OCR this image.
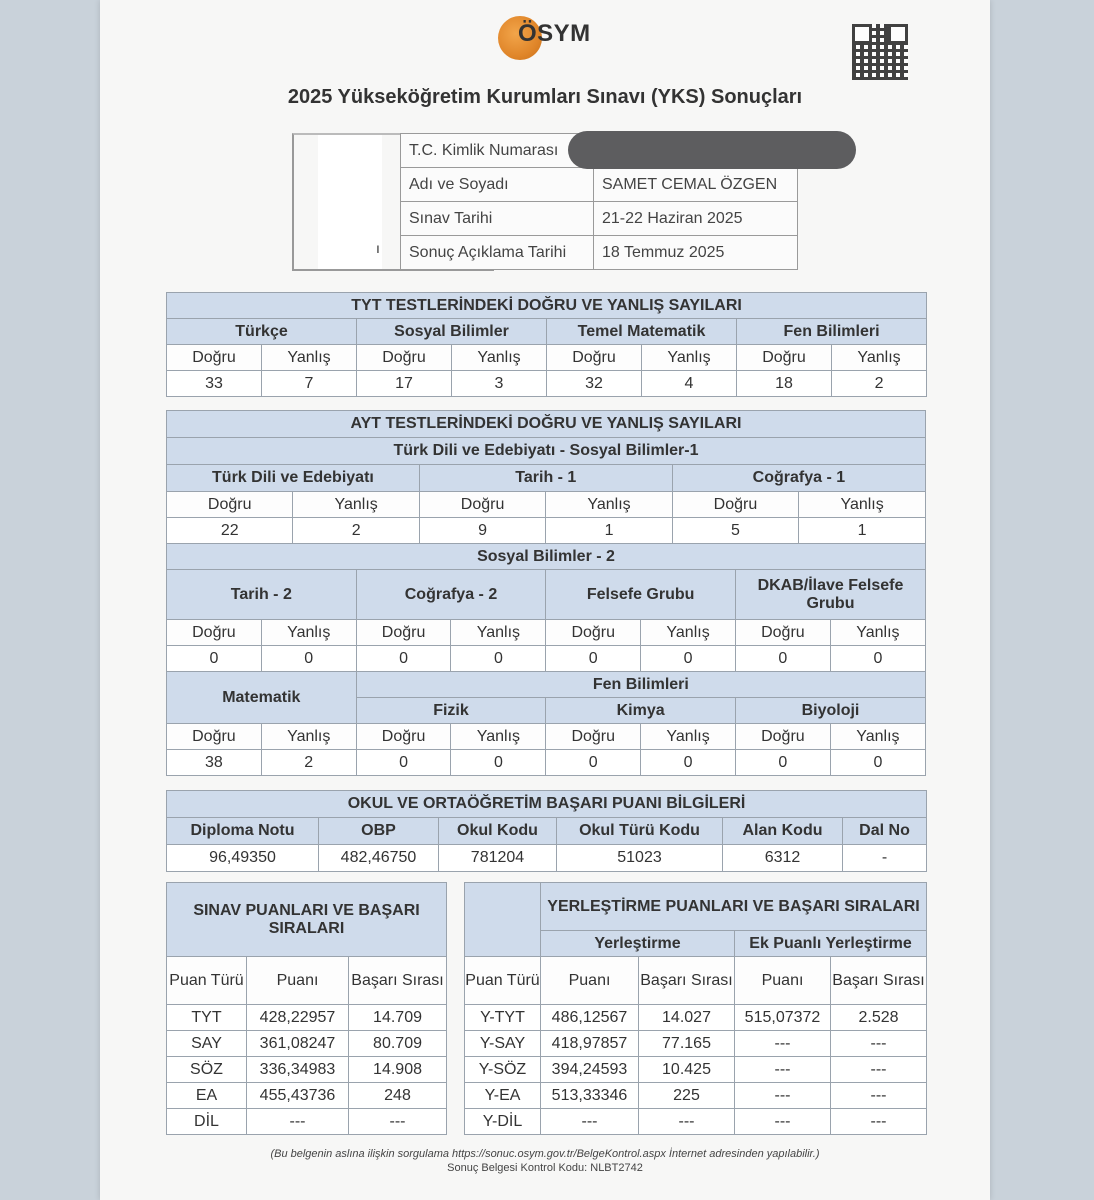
ÖSYM
2025 Yükseköğretim Kurumları Sınavı (YKS) Sonuçları
ı
T.C. Kimlik Numarası	
Adı ve Soyadı	SAMET CEMAL ÖZGEN
Sınav Tarihi	21-22 Haziran 2025
Sonuç Açıklama Tarihi	18 Temmuz 2025
TYT TESTLERİNDEKİ DOĞRU VE YANLIŞ SAYILARI							
Türkçe		Sosyal Bilimler		Temel Matematik		Fen Bilimleri	
Doğru	Yanlış	Doğru	Yanlış	Doğru	Yanlış	Doğru	Yanlış
33	7	17	3	32	4	18	2
AYT TESTLERİNDEKİ DOĞRU VE YANLIŞ SAYILARI											
Türk Dili ve Edebiyatı - Sosyal Bilimler-1											
Türk Dili ve Edebiyatı				Tarih - 1				Coğrafya - 1			
Doğru		Yanlış		Doğru		Yanlış		Doğru		Yanlış	
22		2		9		1		5		1	
Sosyal Bilimler - 2											
Tarih - 2			Coğrafya - 2			Felsefe Grubu			DKAB/İlave Felsefe Grubu		
Doğru	Yanlış		Doğru		Yanlış	Doğru	Yanlış		Doğru		Yanlış
0	0		0		0	0	0		0		0
Matematik			Fen Bilimleri								
			Fizik			Kimya			Biyoloji		
Doğru	Yanlış		Doğru		Yanlış	Doğru	Yanlış		Doğru		Yanlış
38	2		0		0	0	0		0		0
OKUL VE ORTAÖĞRETİM BAŞARI PUANI BİLGİLERİ					
Diploma Notu	OBP	Okul Kodu	Okul Türü Kodu	Alan Kodu	Dal No
96,49350	482,46750	781204	51023	6312	-
SINAV PUANLARI VE BAŞARI SIRALARI		
Puan Türü	Puanı	Başarı Sırası
TYT	428,22957	14.709
SAY	361,08247	80.709
SÖZ	336,34983	14.908
EA	455,43736	248
DİL	---	---
	YERLEŞTİRME PUANLARI VE BAŞARI SIRALARI			
	Yerleştirme		Ek Puanlı Yerleştirme	
Puan Türü	Puanı	Başarı Sırası	Puanı	Başarı Sırası
Y-TYT	486,12567	14.027	515,07372	2.528
Y-SAY	418,97857	77.165	---	---
Y-SÖZ	394,24593	10.425	---	---
Y-EA	513,33346	225	---	---
Y-DİL	---	---	---	---
(Bu belgenin aslına ilişkin sorgulama https://sonuc.osym.gov.tr/BelgeKontrol.aspx İnternet adresinden yapılabilir.)
Sonuç Belgesi Kontrol Kodu: NLBT2742
